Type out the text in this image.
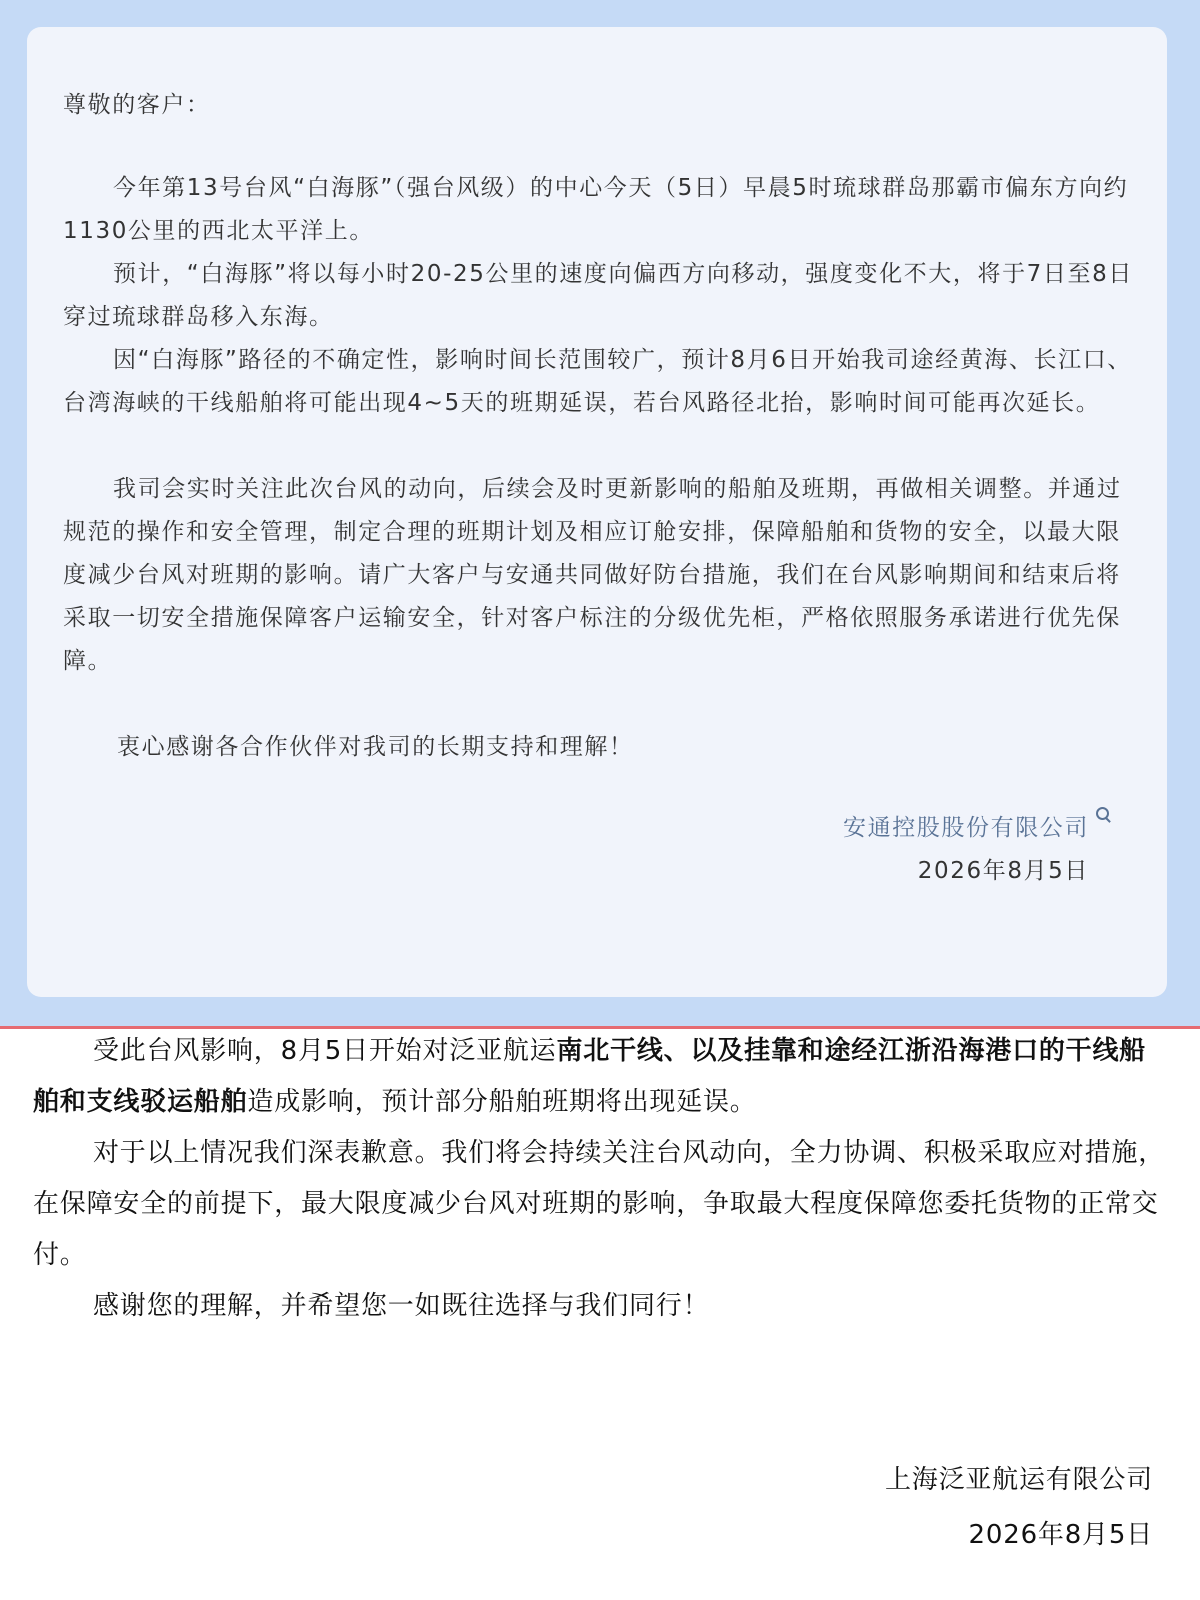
尊敬的客户：

今年第13号台风“白海豚”（强台风级）的中心今天（5日）早晨5时琉球群岛那霸市偏东方向约1130公里的西北太平洋上。

预计，“白海豚”将以每小时20-25公里的速度向偏西方向移动，强度变化不大，将于7日至8日穿过琉球群岛移入东海。

因“白海豚”路径的不确定性，影响时间长范围较广，预计8月6日开始我司途经黄海、长江口、台湾海峡的干线船舶将可能出现4~5天的班期延误，若台风路径北抬，影响时间可能再次延长。

我司会实时关注此次台风的动向，后续会及时更新影响的船舶及班期，再做相关调整。并通过规范的操作和安全管理，制定合理的班期计划及相应订舱安排，保障船舶和货物的安全，以最大限度减少台风对班期的影响。请广大客户与安通共同做好防台措施，我们在台风影响期间和结束后将采取一切安全措施保障客户运输安全，针对客户标注的分级优先柜，严格依照服务承诺进行优先保障。

衷心感谢各合作伙伴对我司的长期支持和理解！

安通控股股份有限公司
2026年8月5日

受此台风影响，8月5日开始对泛亚航运南北干线、以及挂靠和途经江浙沿海港口的干线船舶和支线驳运船舶造成影响，预计部分船舶班期将出现延误。

对于以上情况我们深表歉意。我们将会持续关注台风动向，全力协调、积极采取应对措施，在保障安全的前提下，最大限度减少台风对班期的影响，争取最大程度保障您委托货物的正常交付。

感谢您的理解，并希望您一如既往选择与我们同行！

上海泛亚航运有限公司
2026年8月5日
